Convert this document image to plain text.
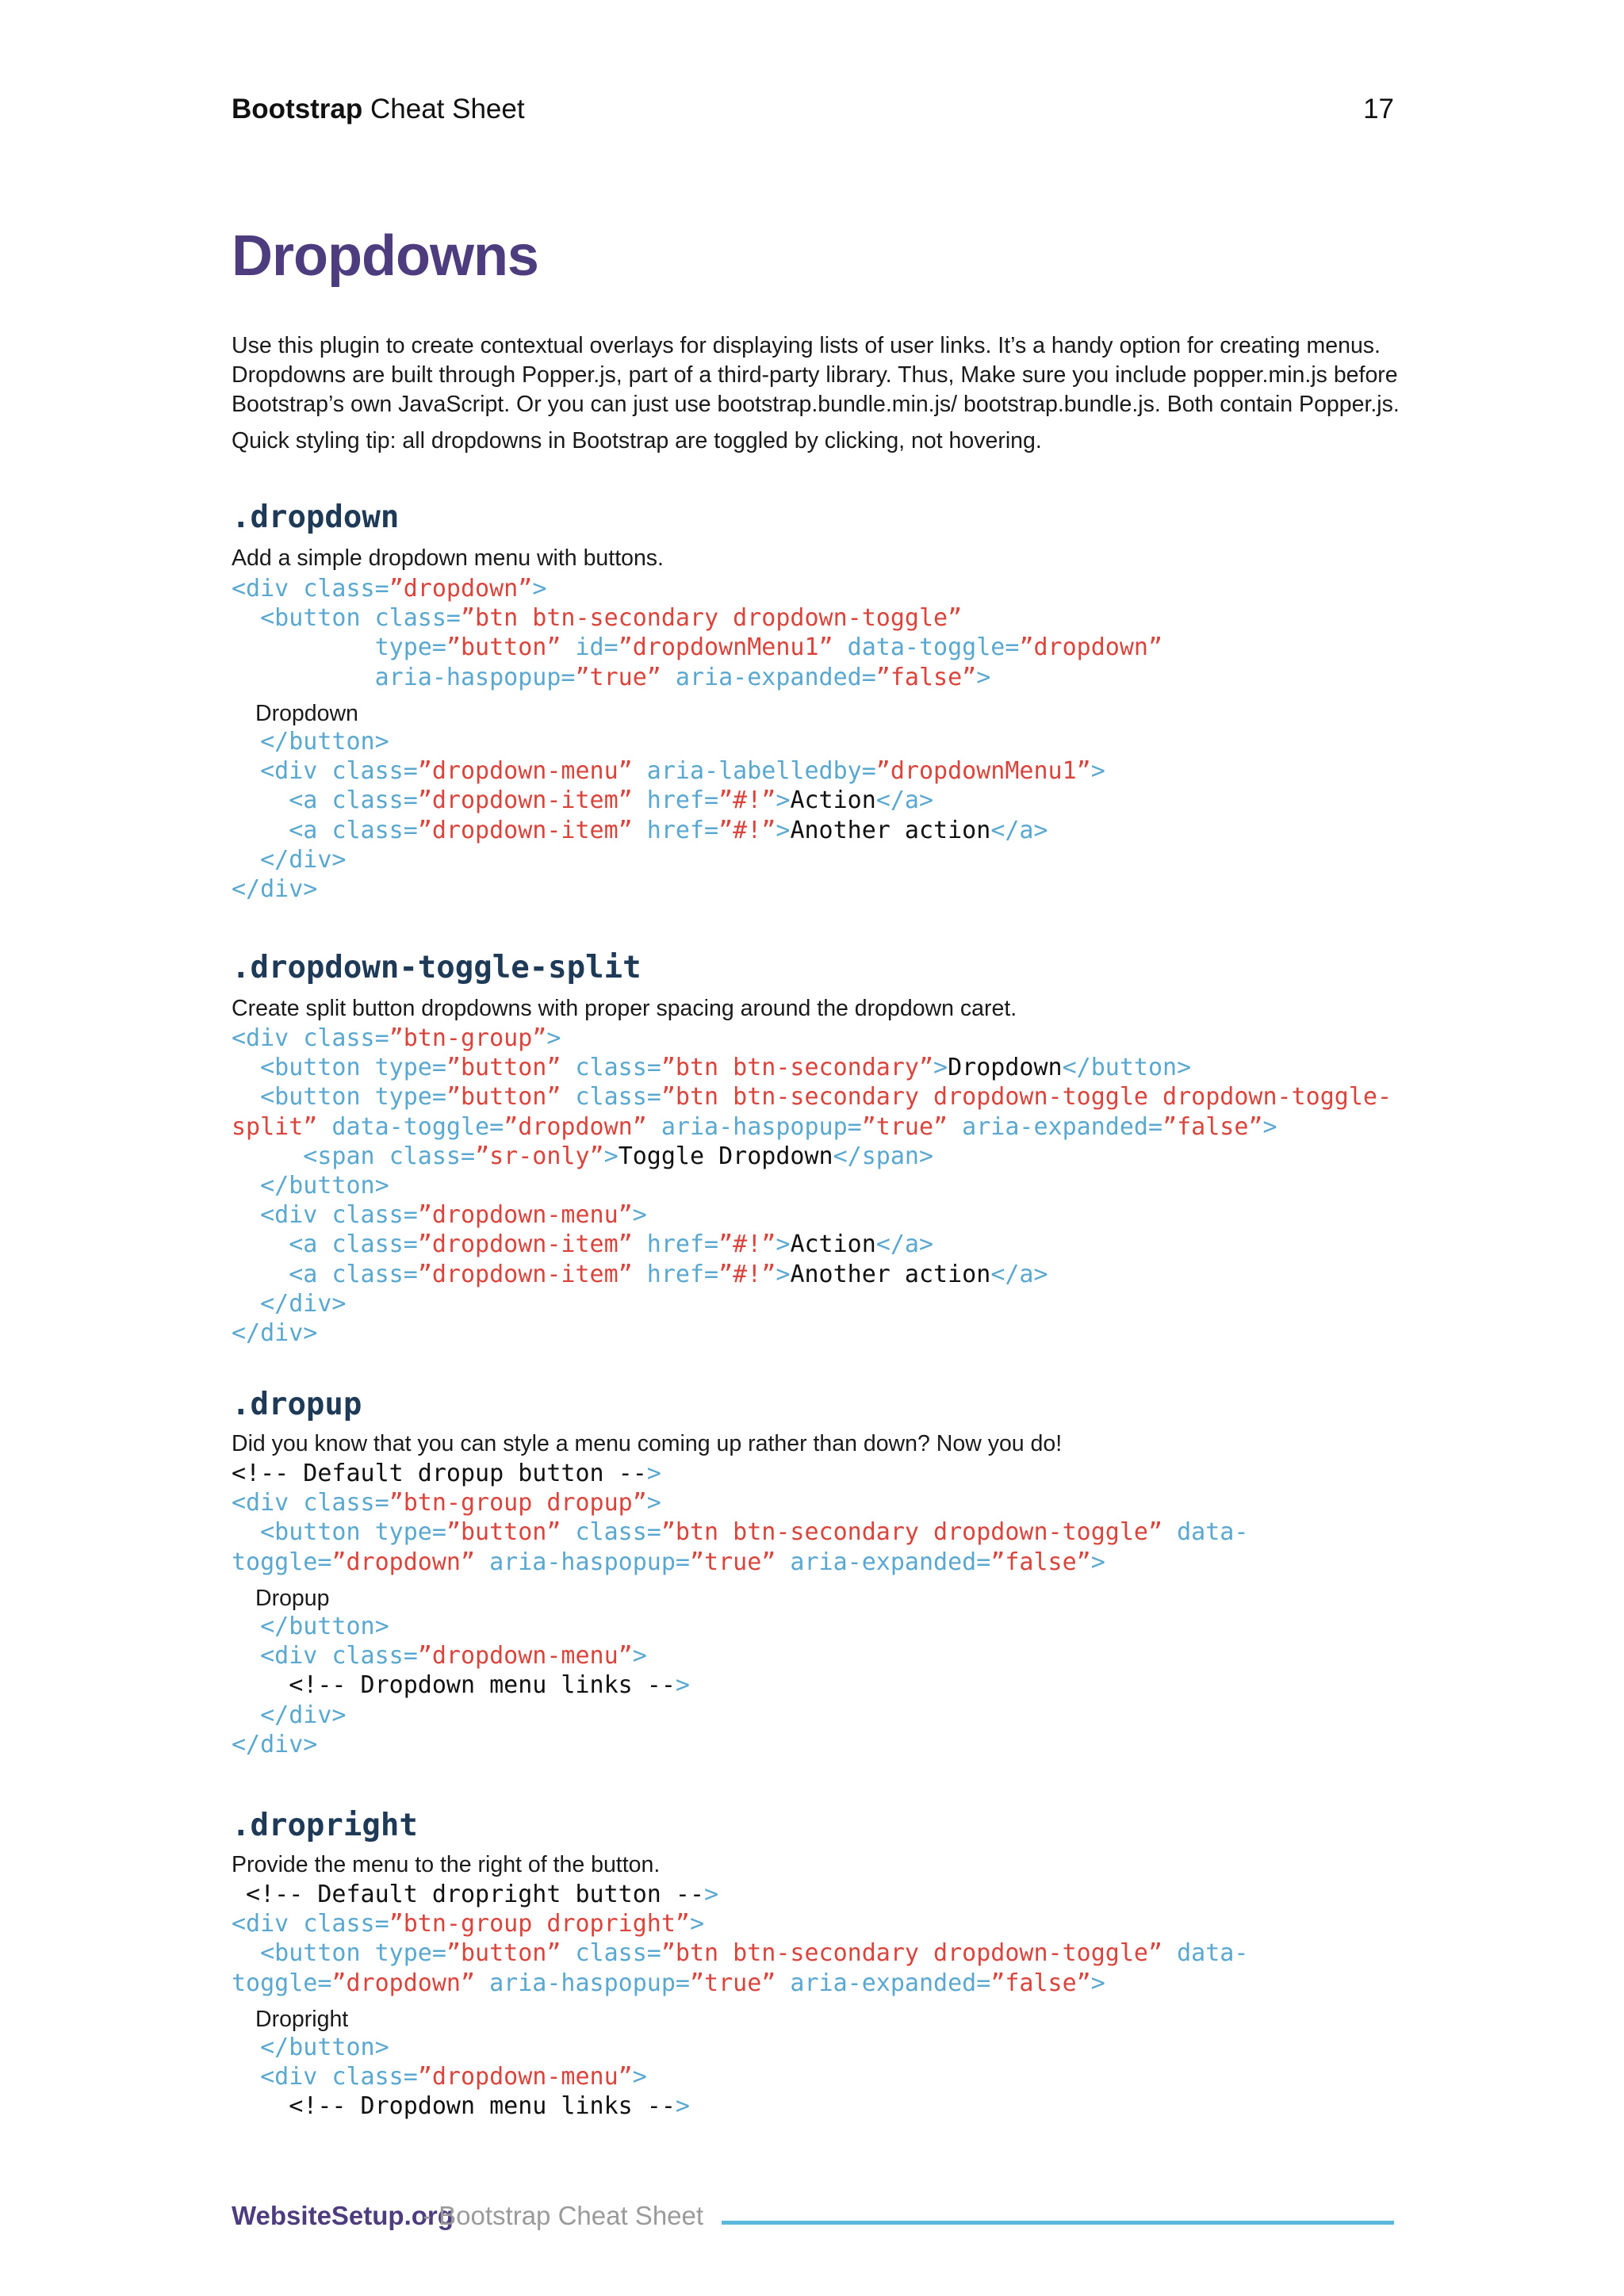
Bootstrap Cheat Sheet	17
Dropdowns
Use this plugin to create contextual overlays for displaying lists of user links. It’s a handy option for creating menus. Dropdowns are built through Popper.js, part of a third-party library. Thus, Make sure you include popper.min.js before Bootstrap’s own JavaScript. Or you can just use bootstrap.bundle.min.js/ bootstrap.bundle.js. Both contain Popper.js.
Quick styling tip: all dropdowns in Bootstrap are toggled by clicking, not hovering.
.dropdown
Add a simple dropdown menu with buttons.
<div class=”dropdown”>
<button class=”btn btn-secondary dropdown-toggle”
type=”button” id=”dropdownMenu1” data-toggle=”dropdown”
aria-haspopup=”true” aria-expanded=”false”>
Dropdown
</button>
<div class=”dropdown-menu” aria-labelledby=”dropdownMenu1”>
<a class=”dropdown-item” href=”#!”>Action</a>
<a class=”dropdown-item” href=”#!”>Another action</a>
</div>
</div>
.dropdown-toggle-split
Create split button dropdowns with proper spacing around the dropdown caret.
<div class=”btn-group”>
<button type=”button” class=”btn btn-secondary”>Dropdown</button>
<button type=”button” class=”btn btn-secondary dropdown-toggle dropdown-toggle-
split” data-toggle=”dropdown” aria-haspopup=”true” aria-expanded=”false”>
<span class=”sr-only”>Toggle Dropdown</span>
</button>
<div class=”dropdown-menu”>
<a class=”dropdown-item” href=”#!”>Action</a>
<a class=”dropdown-item” href=”#!”>Another action</a>
</div>
</div>
.dropup
Did you know that you can style a menu coming up rather than down? Now you do!
<!-- Default dropup button -->
<div class=”btn-group dropup”>
<button type=”button” class=”btn btn-secondary dropdown-toggle” data-
toggle=”dropdown” aria-haspopup=”true” aria-expanded=”false”>
Dropup
</button>
<div class=”dropdown-menu”>
<!-- Dropdown menu links -->
</div>
</div>
.dropright
Provide the menu to the right of the button.
<!-- Default dropright button -->
<div class=”btn-group dropright”>
<button type=”button” class=”btn btn-secondary dropdown-toggle” data-
toggle=”dropdown” aria-haspopup=”true” aria-expanded=”false”>
Dropright
</button>
<div class=”dropdown-menu”>
<!-- Dropdown menu links -->
WebsiteSetup.org
- Bootstrap Cheat Sheet
